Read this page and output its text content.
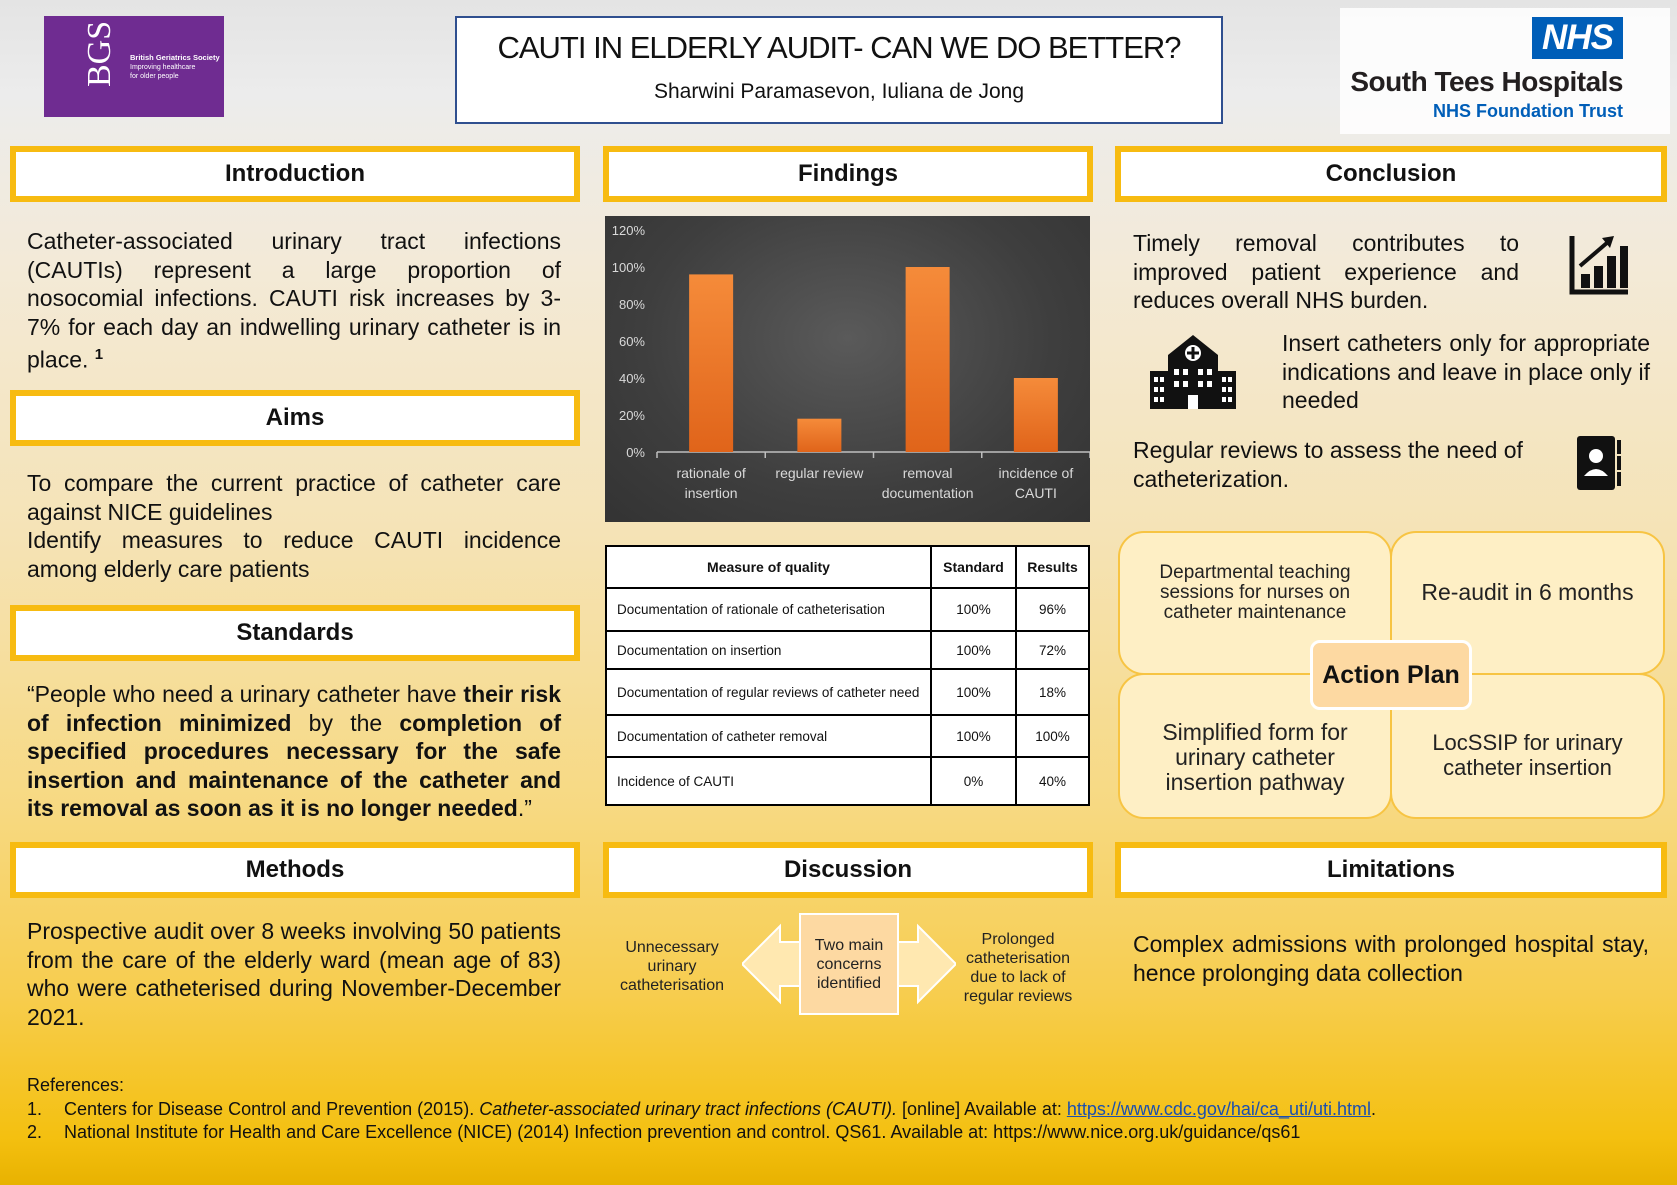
BGS British Geriatrics Society
Improving healthcare
for older people
CAUTI IN ELDERLY AUDIT- CAN WE DO BETTER?
Sharwini Paramasevon, Iuliana de Jong
NHS
South Tees Hospitals
NHS Foundation Trust
Introduction
Catheter-associated urinary tract infections (CAUTIs) represent a large proportion of nosocomial infections. CAUTI risk increases by 3-7% for each day an indwelling urinary catheter is in place. $^1$
Aims
To compare the current practice of catheter care against NICE guidelines
Identify measures to reduce CAUTI incidence among elderly care patients
Standards
“People who need a urinary catheter have their risk of infection minimized by the completion of specified procedures necessary for the safe insertion and maintenance of the catheter and its removal as soon as it is no longer needed.”
Methods
Prospective audit over 8 weeks involving 50 patients from the care of the elderly ward (mean age of 83) who were catheterised during November-December 2021.
Findings
0%
20%
40%
60%
80%
100%
120%
rationale of
insertion
regular review	removal
documentation
incidence of
CAUTI
Measure of quality	Standard	Results
Documentation of rationale of catheterisation	100%	96%
Documentation on insertion	100%	72%
Documentation of regular reviews of catheter need	100%	18%
Documentation of catheter removal	100%	100%
Incidence of CAUTI	0%	40%
Discussion
Two main concerns identified
Unnecessary urinary catheterisation
Prolonged catheterisation due to lack of regular reviews
Conclusion
Timely removal contributes to improved patient experience and reduces overall NHS burden.
Insert catheters only for appropriate indications and leave in place only if needed
Regular reviews to assess the need of catheterization.
Departmental teaching sessions for nurses on catheter maintenance
Re-audit in 6 months
Simplified form for urinary catheter insertion pathway
LocSSIP for urinary catheter insertion
Action Plan
Limitations
Complex admissions with prolonged hospital stay, hence prolonging data collection
References:
1.	Centers for Disease Control and Prevention (2015). Catheter-associated urinary tract infections (CAUTI). [online] Available at: https://www.cdc.gov/hai/ca_uti/uti.html.
2.	National Institute for Health and Care Excellence (NICE) (2014) Infection prevention and control. QS61. Available at: https://www.nice.org.uk/guidance/qs61
